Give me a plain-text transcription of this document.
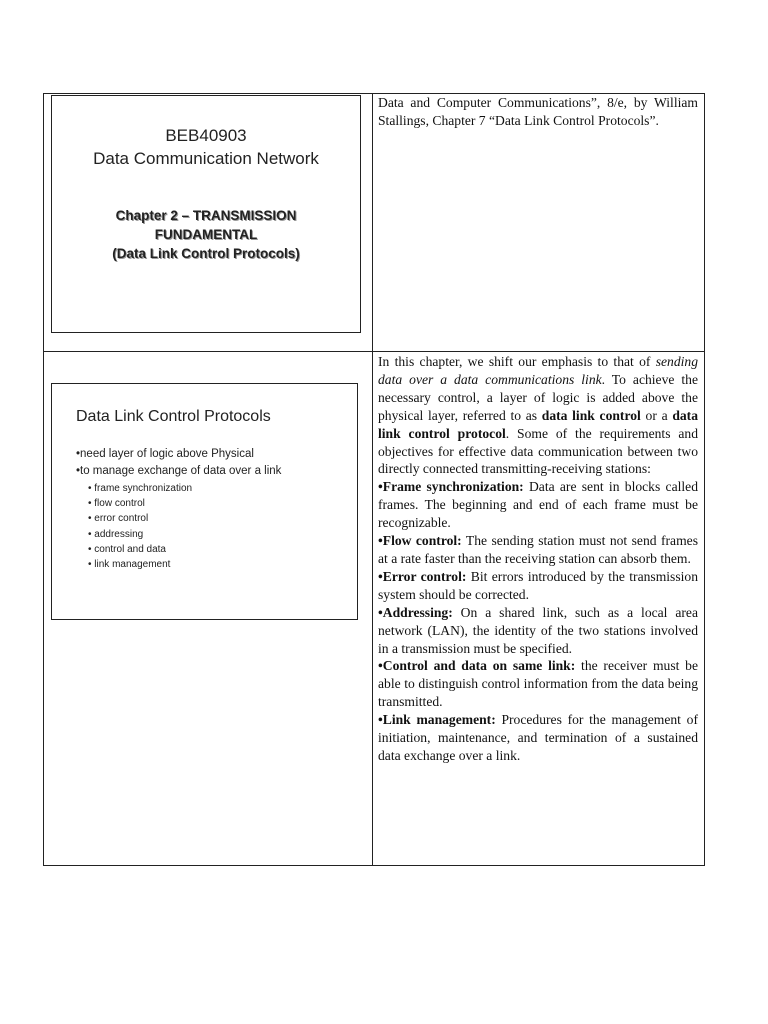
BEB40903
Data Communication Network
Chapter 2 – TRANSMISSION
FUNDAMENTAL
(Data Link Control Protocols)

Data and Computer Communications”, 8/e, by William Stallings, Chapter 7 “Data Link Control Protocols”.

Data Link Control Protocols
•need layer of logic above Physical
•to manage exchange of data over a link
• frame synchronization
• flow control
• error control
• addressing
• control and data
• link management

In this chapter, we shift our emphasis to that of sending data over a data communications link. To achieve the necessary control, a layer of logic is added above the physical layer, referred to as data link control or a data link control protocol. Some of the requirements and objectives for effective data communication between two directly connected transmitting-receiving stations:

•Frame synchronization: Data are sent in blocks called frames. The beginning and end of each frame must be recognizable.

•Flow control: The sending station must not send frames at a rate faster than the receiving station can absorb them.

•Error control: Bit errors introduced by the transmission system should be corrected.

•Addressing: On a shared link, such as a local area network (LAN), the identity of the two stations involved in a transmission must be specified.

•Control and data on same link: the receiver must be able to distinguish control information from the data being transmitted.

•Link management: Procedures for the management of initiation, maintenance, and termination of a sustained data exchange over a link.
